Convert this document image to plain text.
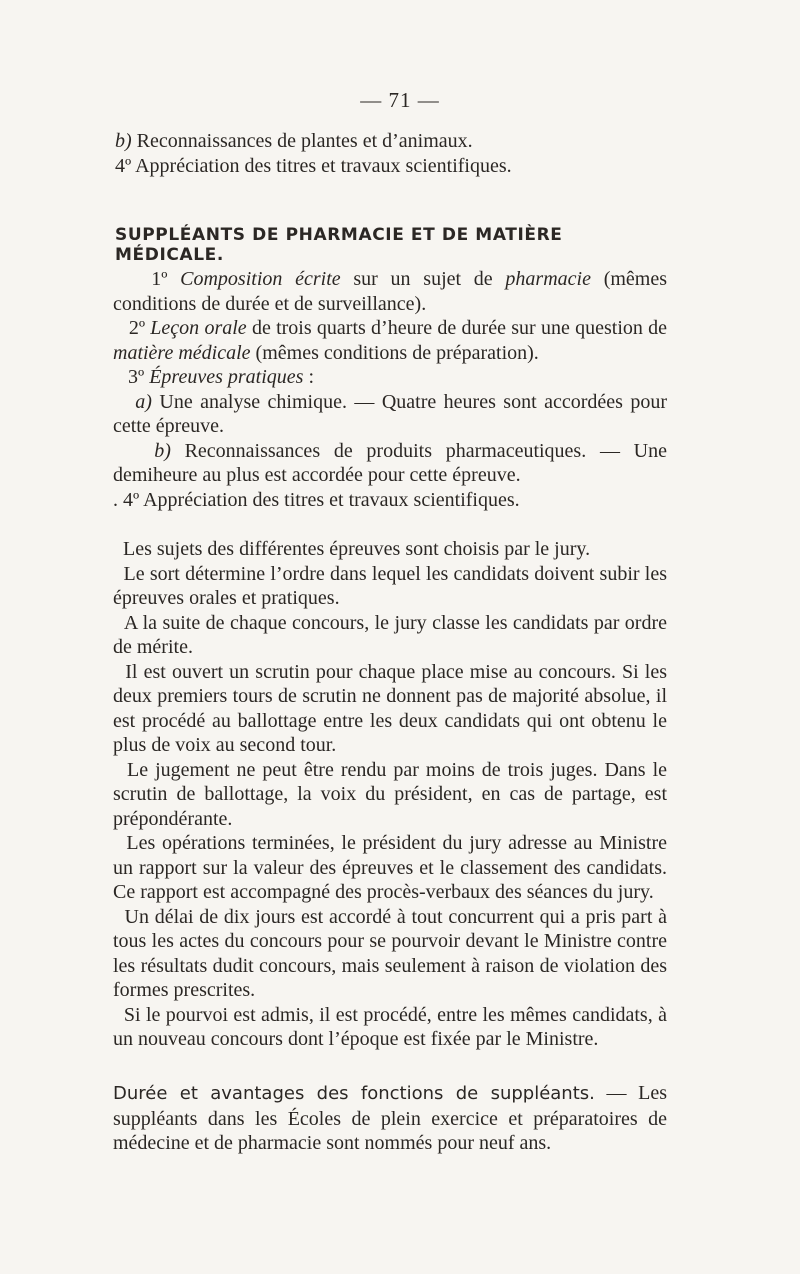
— 71 —

b) Reconnaissances de plantes et d’animaux.

4º Appréciation des titres et travaux scientifiques.

SUPPLÉANTS DE PHARMACIE ET DE MATIÈRE MÉDICALE.

1º Composition écrite sur un sujet de pharmacie (mêmes conditions de durée et de surveillance).

2º Leçon orale de trois quarts d’heure de durée sur une question de matière médicale (mêmes conditions de préparation).

3º Épreuves pratiques :

a) Une analyse chimique. — Quatre heures sont accordées pour cette épreuve.

b) Reconnaissances de produits pharmaceutiques. — Une demiheure au plus est accordée pour cette épreuve.

. 4º Appréciation des titres et travaux scientifiques.

Les sujets des différentes épreuves sont choisis par le jury.

Le sort détermine l’ordre dans lequel les candidats doivent subir les épreuves orales et pratiques.

A la suite de chaque concours, le jury classe les candidats par ordre de mérite.

Il est ouvert un scrutin pour chaque place mise au concours. Si les deux premiers tours de scrutin ne donnent pas de majorité absolue, il est procédé au ballottage entre les deux candidats qui ont obtenu le plus de voix au second tour.

Le jugement ne peut être rendu par moins de trois juges. Dans le scrutin de ballottage, la voix du président, en cas de partage, est prépondérante.

Les opérations terminées, le président du jury adresse au Ministre un rapport sur la valeur des épreuves et le classement des candidats. Ce rapport est accompagné des procès-verbaux des séances du jury.

Un délai de dix jours est accordé à tout concurrent qui a pris part à tous les actes du concours pour se pourvoir devant le Ministre contre les résultats dudit concours, mais seulement à raison de violation des formes prescrites.

Si le pourvoi est admis, il est procédé, entre les mêmes candidats, à un nouveau concours dont l’époque est fixée par le Ministre.

Durée et avantages des fonctions de suppléants. — Les suppléants dans les Écoles de plein exercice et préparatoires de médecine et de pharmacie sont nommés pour neuf ans.
